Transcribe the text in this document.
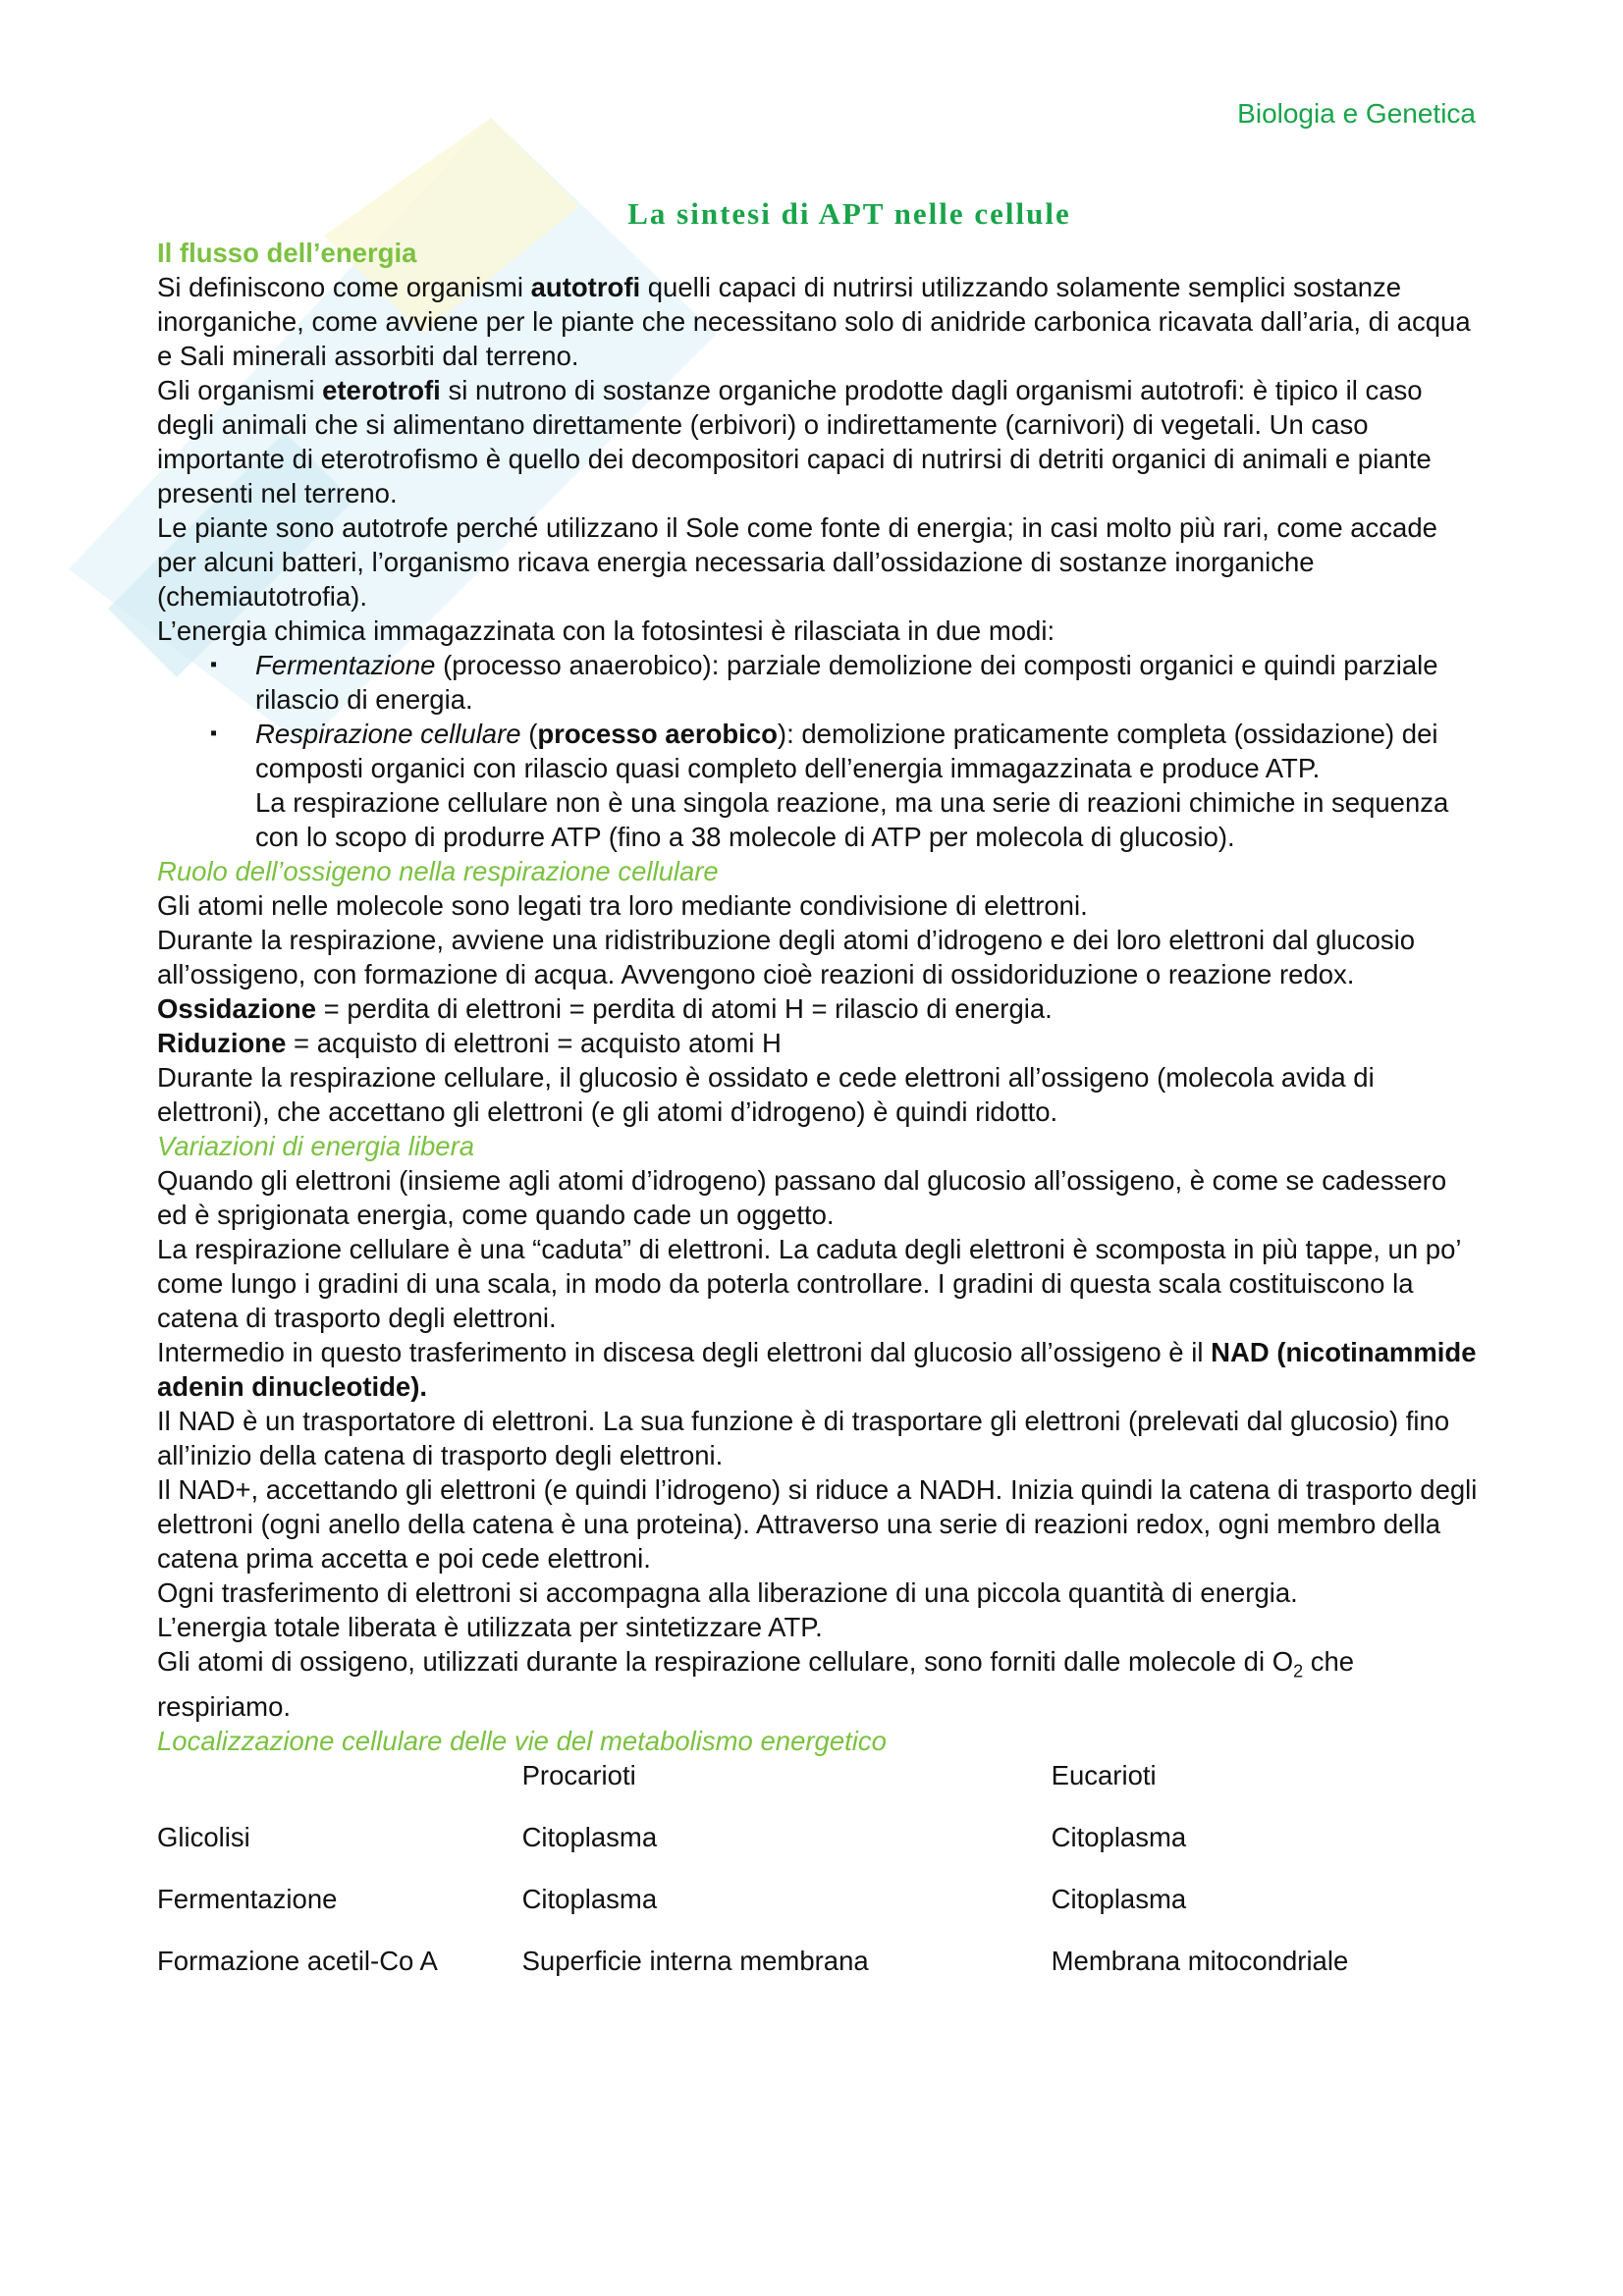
Biologia e Genetica
La sintesi di APT nelle cellule
Il flusso dell’energia

Si definiscono come organismi autotrofi quelli capaci di nutrirsi utilizzando solamente semplici sostanze inorganiche, come avviene per le piante che necessitano solo di anidride carbonica ricavata dall’aria, di acqua e Sali minerali assorbiti dal terreno.

Gli organismi eterotrofi si nutrono di sostanze organiche prodotte dagli organismi autotrofi: è tipico il caso degli animali che si alimentano direttamente (erbivori) o indirettamente (carnivori) di vegetali. Un caso importante di eterotrofismo è quello dei decompositori capaci di nutrirsi di detriti organici di animali e piante presenti nel terreno.

Le piante sono autotrofe perché utilizzano il Sole come fonte di energia; in casi molto più rari, come accade per alcuni batteri, l’organismo ricava energia necessaria dall’ossidazione di sostanze inorganiche (chemiautotrofia).

L’energia chimica immagazzinata con la fotosintesi è rilasciata in due modi:

▪ Fermentazione (processo anaerobico): parziale demolizione dei composti organici e quindi parziale rilascio di energia.
▪ Respirazione cellulare (processo aerobico): demolizione praticamente completa (ossidazione) dei composti organici con rilascio quasi completo dell’energia immagazzinata e produce ATP.
La respirazione cellulare non è una singola reazione, ma una serie di reazioni chimiche in sequenza con lo scopo di produrre ATP (fino a 38 molecole di ATP per molecola di glucosio).
Ruolo dell’ossigeno nella respirazione cellulare

Gli atomi nelle molecole sono legati tra loro mediante condivisione di elettroni.

Durante la respirazione, avviene una ridistribuzione degli atomi d’idrogeno e dei loro elettroni dal glucosio all’ossigeno, con formazione di acqua. Avvengono cioè reazioni di ossidoriduzione o reazione redox.

Ossidazione = perdita di elettroni = perdita di atomi H = rilascio di energia.

Riduzione = acquisto di elettroni = acquisto atomi H

Durante la respirazione cellulare, il glucosio è ossidato e cede elettroni all’ossigeno (molecola avida di elettroni), che accettano gli elettroni (e gli atomi d’idrogeno) è quindi ridotto.

Variazioni di energia libera

Quando gli elettroni (insieme agli atomi d’idrogeno) passano dal glucosio all’ossigeno, è come se cadessero ed è sprigionata energia, come quando cade un oggetto.

La respirazione cellulare è una “caduta” di elettroni. La caduta degli elettroni è scomposta in più tappe, un po’ come lungo i gradini di una scala, in modo da poterla controllare. I gradini di questa scala costituiscono la catena di trasporto degli elettroni.

Intermedio in questo trasferimento in discesa degli elettroni dal glucosio all’ossigeno è il NAD (nicotinammide adenin dinucleotide).

Il NAD è un trasportatore di elettroni. La sua funzione è di trasportare gli elettroni (prelevati dal glucosio) fino all’inizio della catena di trasporto degli elettroni.

Il NAD+, accettando gli elettroni (e quindi l’idrogeno) si riduce a NADH. Inizia quindi la catena di trasporto degli elettroni (ogni anello della catena è una proteina). Attraverso una serie di reazioni redox, ogni membro della catena prima accetta e poi cede elettroni.

Ogni trasferimento di elettroni si accompagna alla liberazione di una piccola quantità di energia.

L’energia totale liberata è utilizzata per sintetizzare ATP.

Gli atomi di ossigeno, utilizzati durante la respirazione cellulare, sono forniti dalle molecole di $O_2$ che respiriamo.

Localizzazione cellulare delle vie del metabolismo energetico
	Procarioti	Eucarioti
Glicolisi	Citoplasma	Citoplasma
Fermentazione	Citoplasma	Citoplasma
Formazione acetil-Co A	Superficie interna membrana	Membrana mitocondriale
